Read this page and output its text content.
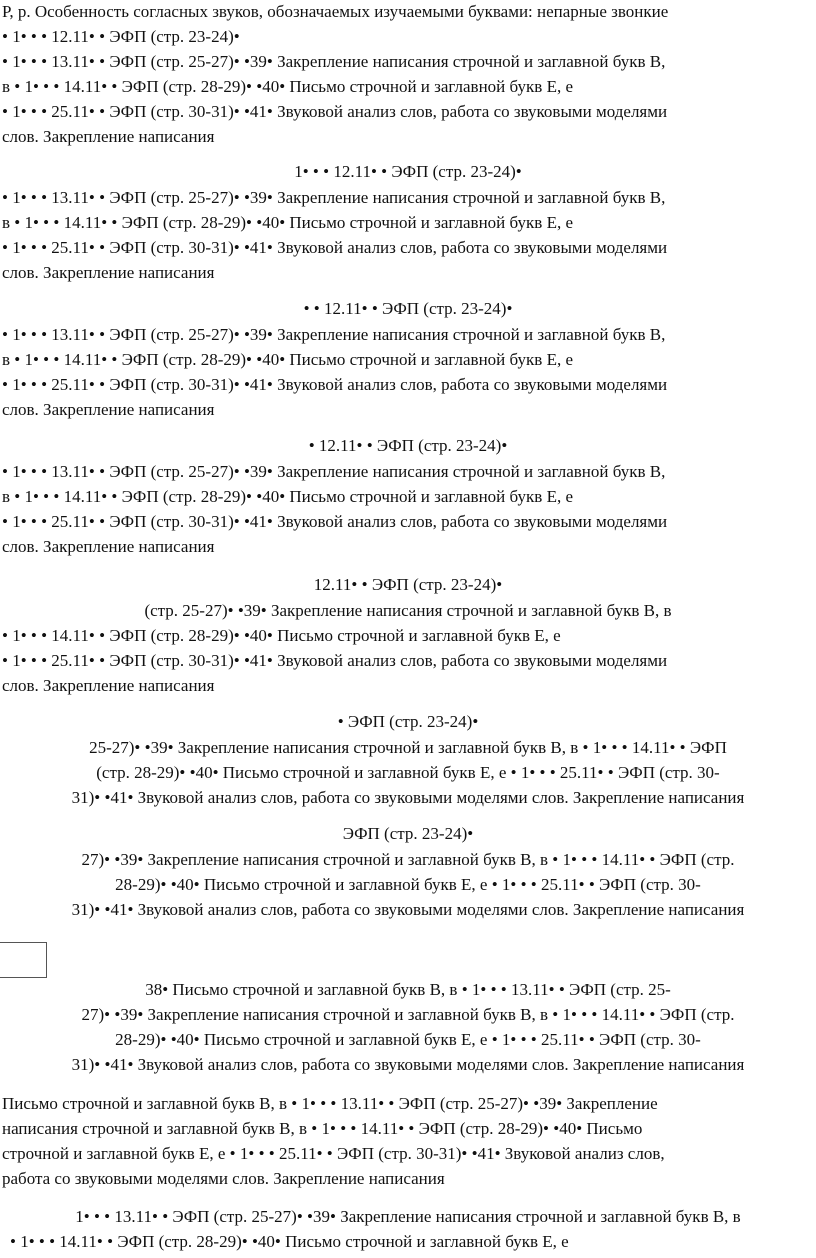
Р, р. Особенность согласных звуков, обозначаемых изучаемыми буквами: непарные звонкие
• 1• • • 12.11• • ЭФП (стр. 23-24)•
• 1• • • 13.11• • ЭФП (стр. 25-27)• •39• Закрепление написания строчной и заглавной букв В,
в • 1• • • 14.11• • ЭФП (стр. 28-29)• •40• Письмо строчной и заглавной букв Е, е
• 1• • • 25.11• • ЭФП (стр. 30-31)• •41• Звуковой анализ слов, работа со звуковыми моделями
слов. Закрепление написания
1• • • 12.11• • ЭФП (стр. 23-24)•
• 1• • • 13.11• • ЭФП (стр. 25-27)• •39• Закрепление написания строчной и заглавной букв В,
в • 1• • • 14.11• • ЭФП (стр. 28-29)• •40• Письмо строчной и заглавной букв Е, е
• 1• • • 25.11• • ЭФП (стр. 30-31)• •41• Звуковой анализ слов, работа со звуковыми моделями
слов. Закрепление написания
• • 12.11• • ЭФП (стр. 23-24)•
• 1• • • 13.11• • ЭФП (стр. 25-27)• •39• Закрепление написания строчной и заглавной букв В,
в • 1• • • 14.11• • ЭФП (стр. 28-29)• •40• Письмо строчной и заглавной букв Е, е
• 1• • • 25.11• • ЭФП (стр. 30-31)• •41• Звуковой анализ слов, работа со звуковыми моделями
слов. Закрепление написания
• 12.11• • ЭФП (стр. 23-24)•
• 1• • • 13.11• • ЭФП (стр. 25-27)• •39• Закрепление написания строчной и заглавной букв В,
в • 1• • • 14.11• • ЭФП (стр. 28-29)• •40• Письмо строчной и заглавной букв Е, е
• 1• • • 25.11• • ЭФП (стр. 30-31)• •41• Звуковой анализ слов, работа со звуковыми моделями
слов. Закрепление написания
12.11• • ЭФП (стр. 23-24)•
(стр. 25-27)• •39• Закрепление написания строчной и заглавной букв В, в
• 1• • • 14.11• • ЭФП (стр. 28-29)• •40• Письмо строчной и заглавной букв Е, е
• 1• • • 25.11• • ЭФП (стр. 30-31)• •41• Звуковой анализ слов, работа со звуковыми моделями
слов. Закрепление написания
• ЭФП (стр. 23-24)•
25-27)• •39• Закрепление написания строчной и заглавной букв В, в • 1• • • 14.11• • ЭФП
(стр. 28-29)• •40• Письмо строчной и заглавной букв Е, е • 1• • • 25.11• • ЭФП (стр. 30-
31)• •41• Звуковой анализ слов, работа со звуковыми моделями слов. Закрепление написания
ЭФП (стр. 23-24)•
27)• •39• Закрепление написания строчной и заглавной букв В, в • 1• • • 14.11• • ЭФП (стр.
28-29)• •40• Письмо строчной и заглавной букв Е, е • 1• • • 25.11• • ЭФП (стр. 30-
31)• •41• Звуковой анализ слов, работа со звуковыми моделями слов. Закрепление написания
38• Письмо строчной и заглавной букв В, в • 1• • • 13.11• • ЭФП (стр. 25-
27)• •39• Закрепление написания строчной и заглавной букв В, в • 1• • • 14.11• • ЭФП (стр.
28-29)• •40• Письмо строчной и заглавной букв Е, е • 1• • • 25.11• • ЭФП (стр. 30-
31)• •41• Звуковой анализ слов, работа со звуковыми моделями слов. Закрепление написания
Письмо строчной и заглавной букв В, в • 1• • • 13.11• • ЭФП (стр. 25-27)• •39• Закрепление
написания строчной и заглавной букв В, в • 1• • • 14.11• • ЭФП (стр. 28-29)• •40• Письмо
строчной и заглавной букв Е, е • 1• • • 25.11• • ЭФП (стр. 30-31)• •41• Звуковой анализ слов,
работа со звуковыми моделями слов. Закрепление написания
1• • • 13.11• • ЭФП (стр. 25-27)• •39• Закрепление написания строчной и заглавной букв В, в
• 1• • • 14.11• • ЭФП (стр. 28-29)• •40• Письмо строчной и заглавной букв Е, е
